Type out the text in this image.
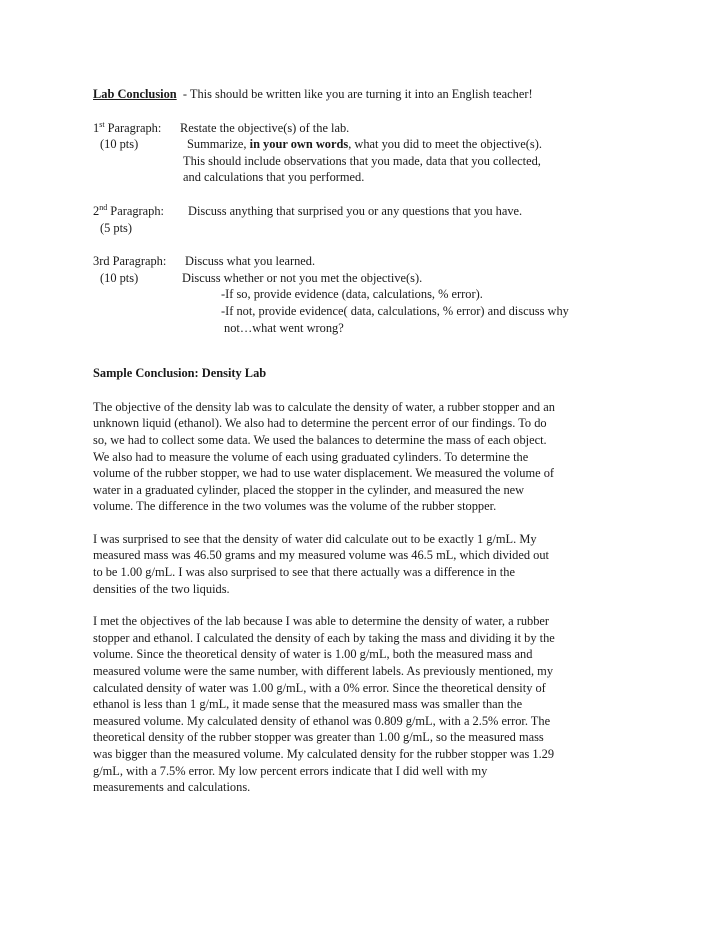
Lab Conclusion - This should be written like you are turning it into an English teacher!

1st Paragraph:	Restate the objective(s) of the lab.
(10 pts)	Summarize, in your own words, what you did to meet the objective(s).
This should include observations that you made, data that you collected,
and calculations that you performed.
2nd Paragraph:	Discuss anything that surprised you or any questions that you have.
(5 pts)
3rd Paragraph:	Discuss what you learned.
(10 pts)	Discuss whether or not you met the objective(s).
-If so, provide evidence (data, calculations, % error).
-If not, provide evidence( data, calculations, % error) and discuss why
not…what went wrong?
Sample Conclusion: Density Lab

The objective of the density lab was to calculate the density of water, a rubber stopper and an
unknown liquid (ethanol). We also had to determine the percent error of our findings. To do
so, we had to collect some data. We used the balances to determine the mass of each object.
We also had to measure the volume of each using graduated cylinders. To determine the
volume of the rubber stopper, we had to use water displacement. We measured the volume of
water in a graduated cylinder, placed the stopper in the cylinder, and measured the new
volume. The difference in the two volumes was the volume of the rubber stopper.

I was surprised to see that the density of water did calculate out to be exactly 1 g/mL. My
measured mass was 46.50 grams and my measured volume was 46.5 mL, which divided out
to be 1.00 g/mL. I was also surprised to see that there actually was a difference in the
densities of the two liquids.

I met the objectives of the lab because I was able to determine the density of water, a rubber
stopper and ethanol. I calculated the density of each by taking the mass and dividing it by the
volume. Since the theoretical density of water is 1.00 g/mL, both the measured mass and
measured volume were the same number, with different labels. As previously mentioned, my
calculated density of water was 1.00 g/mL, with a 0% error. Since the theoretical density of
ethanol is less than 1 g/mL, it made sense that the measured mass was smaller than the
measured volume. My calculated density of ethanol was 0.809 g/mL, with a 2.5% error. The
theoretical density of the rubber stopper was greater than 1.00 g/mL, so the measured mass
was bigger than the measured volume. My calculated density for the rubber stopper was 1.29
g/mL, with a 7.5% error. My low percent errors indicate that I did well with my
measurements and calculations.
